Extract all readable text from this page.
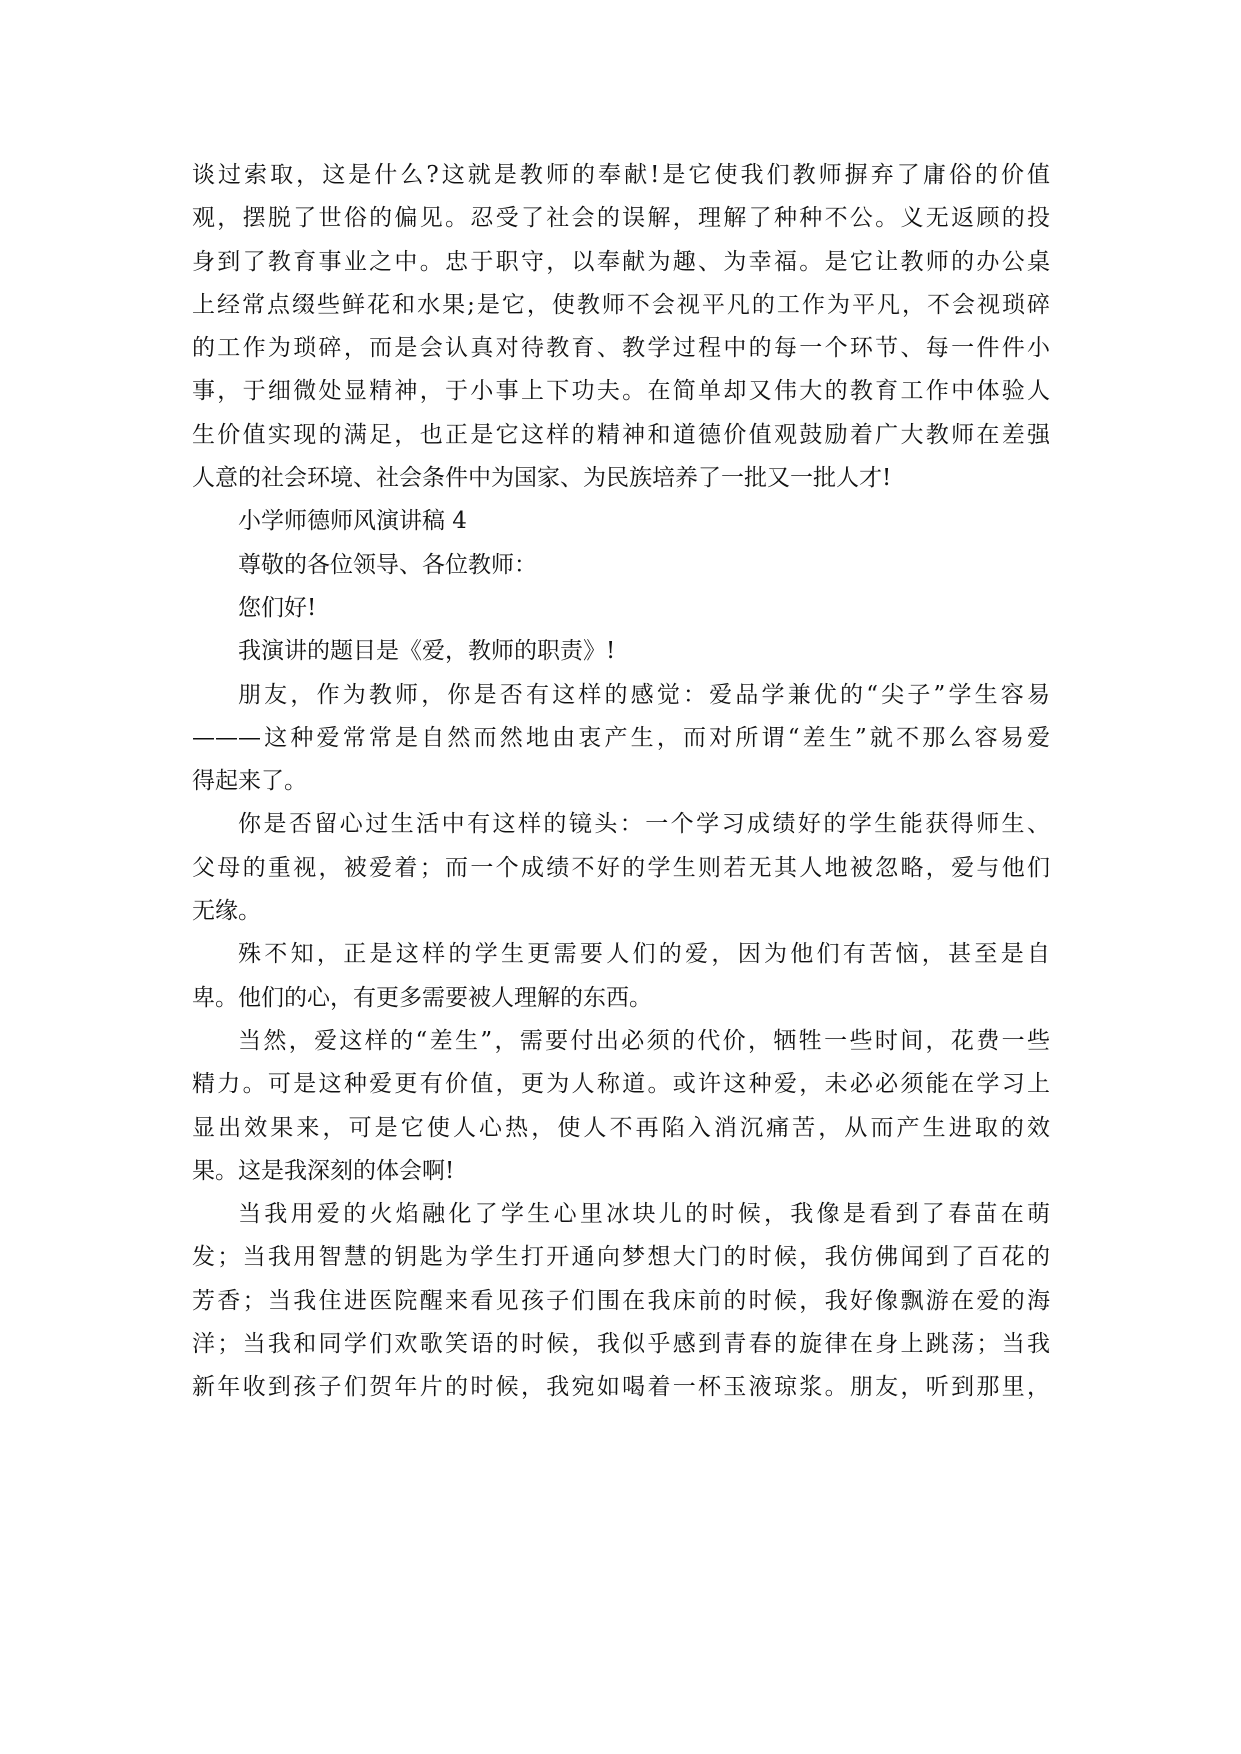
谈过索取，这是什么?这就是教师的奉献!是它使我们教师摒弃了庸俗的价值
观，摆脱了世俗的偏见。忍受了社会的误解，理解了种种不公。义无返顾的投
身到了教育事业之中。忠于职守，以奉献为趣、为幸福。是它让教师的办公桌
上经常点缀些鲜花和水果;是它，使教师不会视平凡的工作为平凡，不会视琐碎
的工作为琐碎，而是会认真对待教育、教学过程中的每一个环节、每一件件小
事，于细微处显精神，于小事上下功夫。在简单却又伟大的教育工作中体验人
生价值实现的满足，也正是它这样的精神和道德价值观鼓励着广大教师在差强
人意的社会环境、社会条件中为国家、为民族培养了一批又一批人才!
小学师德师风演讲稿 4
尊敬的各位领导、各位教师：
您们好!
我演讲的题目是《爱，教师的职责》!
朋友，作为教师，你是否有这样的感觉：爱品学兼优的“尖子”学生容易
———这种爱常常是自然而然地由衷产生，而对所谓“差生”就不那么容易爱
得起来了。
你是否留心过生活中有这样的镜头：一个学习成绩好的学生能获得师生、
父母的重视，被爱着；而一个成绩不好的学生则若无其人地被忽略，爱与他们
无缘。
殊不知，正是这样的学生更需要人们的爱，因为他们有苦恼，甚至是自
卑。他们的心，有更多需要被人理解的东西。
当然，爱这样的“差生”，需要付出必须的代价，牺牲一些时间，花费一些
精力。可是这种爱更有价值，更为人称道。或许这种爱，未必必须能在学习上
显出效果来，可是它使人心热，使人不再陷入消沉痛苦，从而产生进取的效
果。这是我深刻的体会啊!
当我用爱的火焰融化了学生心里冰块儿的时候，我像是看到了春苗在萌
发；当我用智慧的钥匙为学生打开通向梦想大门的时候，我仿佛闻到了百花的
芳香；当我住进医院醒来看见孩子们围在我床前的时候，我好像飘游在爱的海
洋；当我和同学们欢歌笑语的时候，我似乎感到青春的旋律在身上跳荡；当我
新年收到孩子们贺年片的时候，我宛如喝着一杯玉液琼浆。朋友，听到那里，
